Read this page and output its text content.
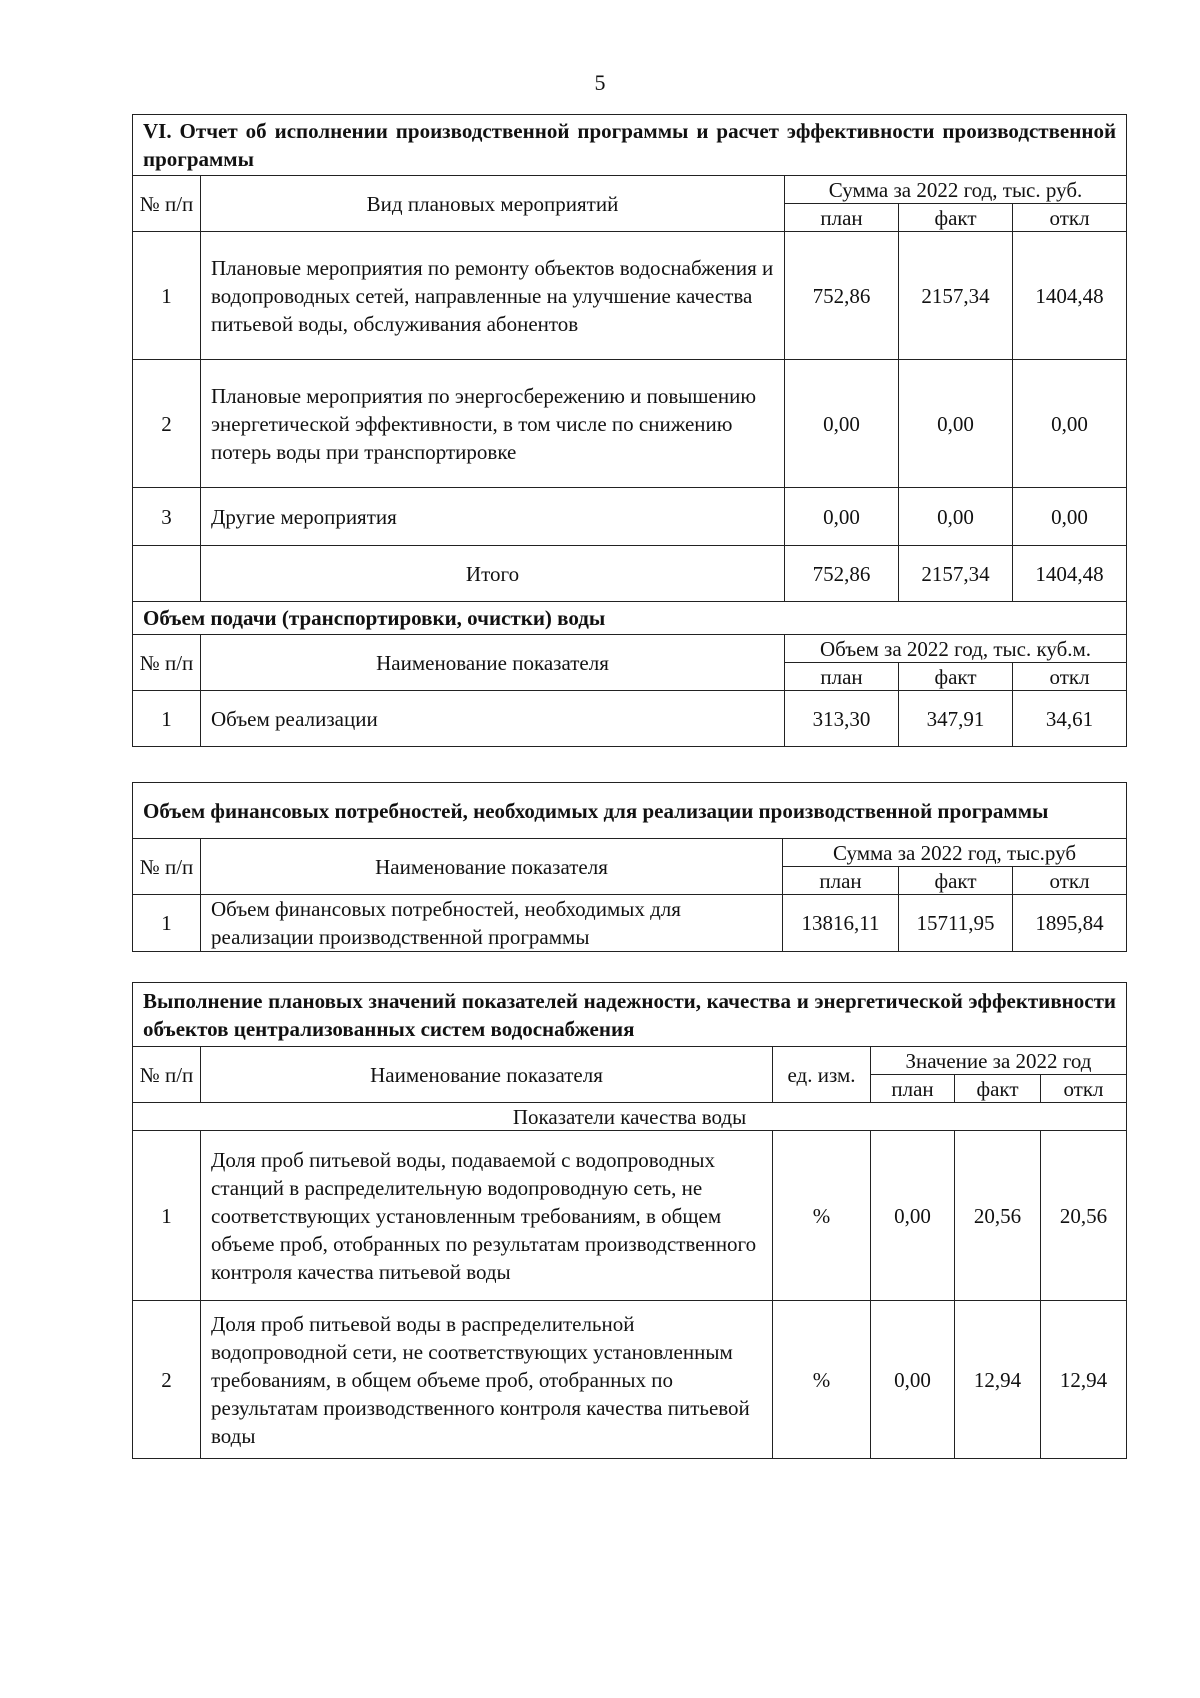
5
VI. Отчет об исполнении производственной программы и расчет эффективности производственной программы				
№ п/п	Вид плановых мероприятий	Сумма за 2022 год, тыс. руб.		
		план	факт	откл
1	Плановые мероприятия по ремонту объектов водоснабжения и водопроводных сетей, направленные на улучшение качества питьевой воды, обслуживания абонентов	752,86	2157,34	1404,48
2	Плановые мероприятия по энергосбережению и повышению энергетической эффективности, в том числе по снижению потерь воды при транспортировке	0,00	0,00	0,00
3	Другие мероприятия	0,00	0,00	0,00
	Итого	752,86	2157,34	1404,48
Объем подачи (транспортировки, очистки) воды				
№ п/п	Наименование показателя	Объем за 2022 год, тыс. куб.м.		
		план	факт	откл
1	Объем реализации	313,30	347,91	34,61
Объем финансовых потребностей, необходимых для реализации производственной программы				
№ п/п	Наименование показателя	Сумма за 2022 год, тыс.руб		
		план	факт	откл
1	Объем финансовых потребностей, необходимых для реализации производственной программы	13816,11	15711,95	1895,84
Выполнение плановых значений показателей надежности, качества и энергетической эффективности объектов централизованных систем водоснабжения					
№ п/п	Наименование показателя	ед. изм.	Значение за 2022 год		
			план	факт	откл
Показатели качества воды					
1	Доля проб питьевой воды, подаваемой с водопроводных станций в распределительную водопроводную сеть, не соответствующих установленным требованиям, в общем объеме проб, отобранных по результатам производственного контроля качества питьевой воды	%	0,00	20,56	20,56
2	Доля проб питьевой воды в распределительной водопроводной сети, не соответствующих установленным требованиям, в общем объеме проб, отобранных по результатам производственного контроля качества питьевой воды	%	0,00	12,94	12,94
